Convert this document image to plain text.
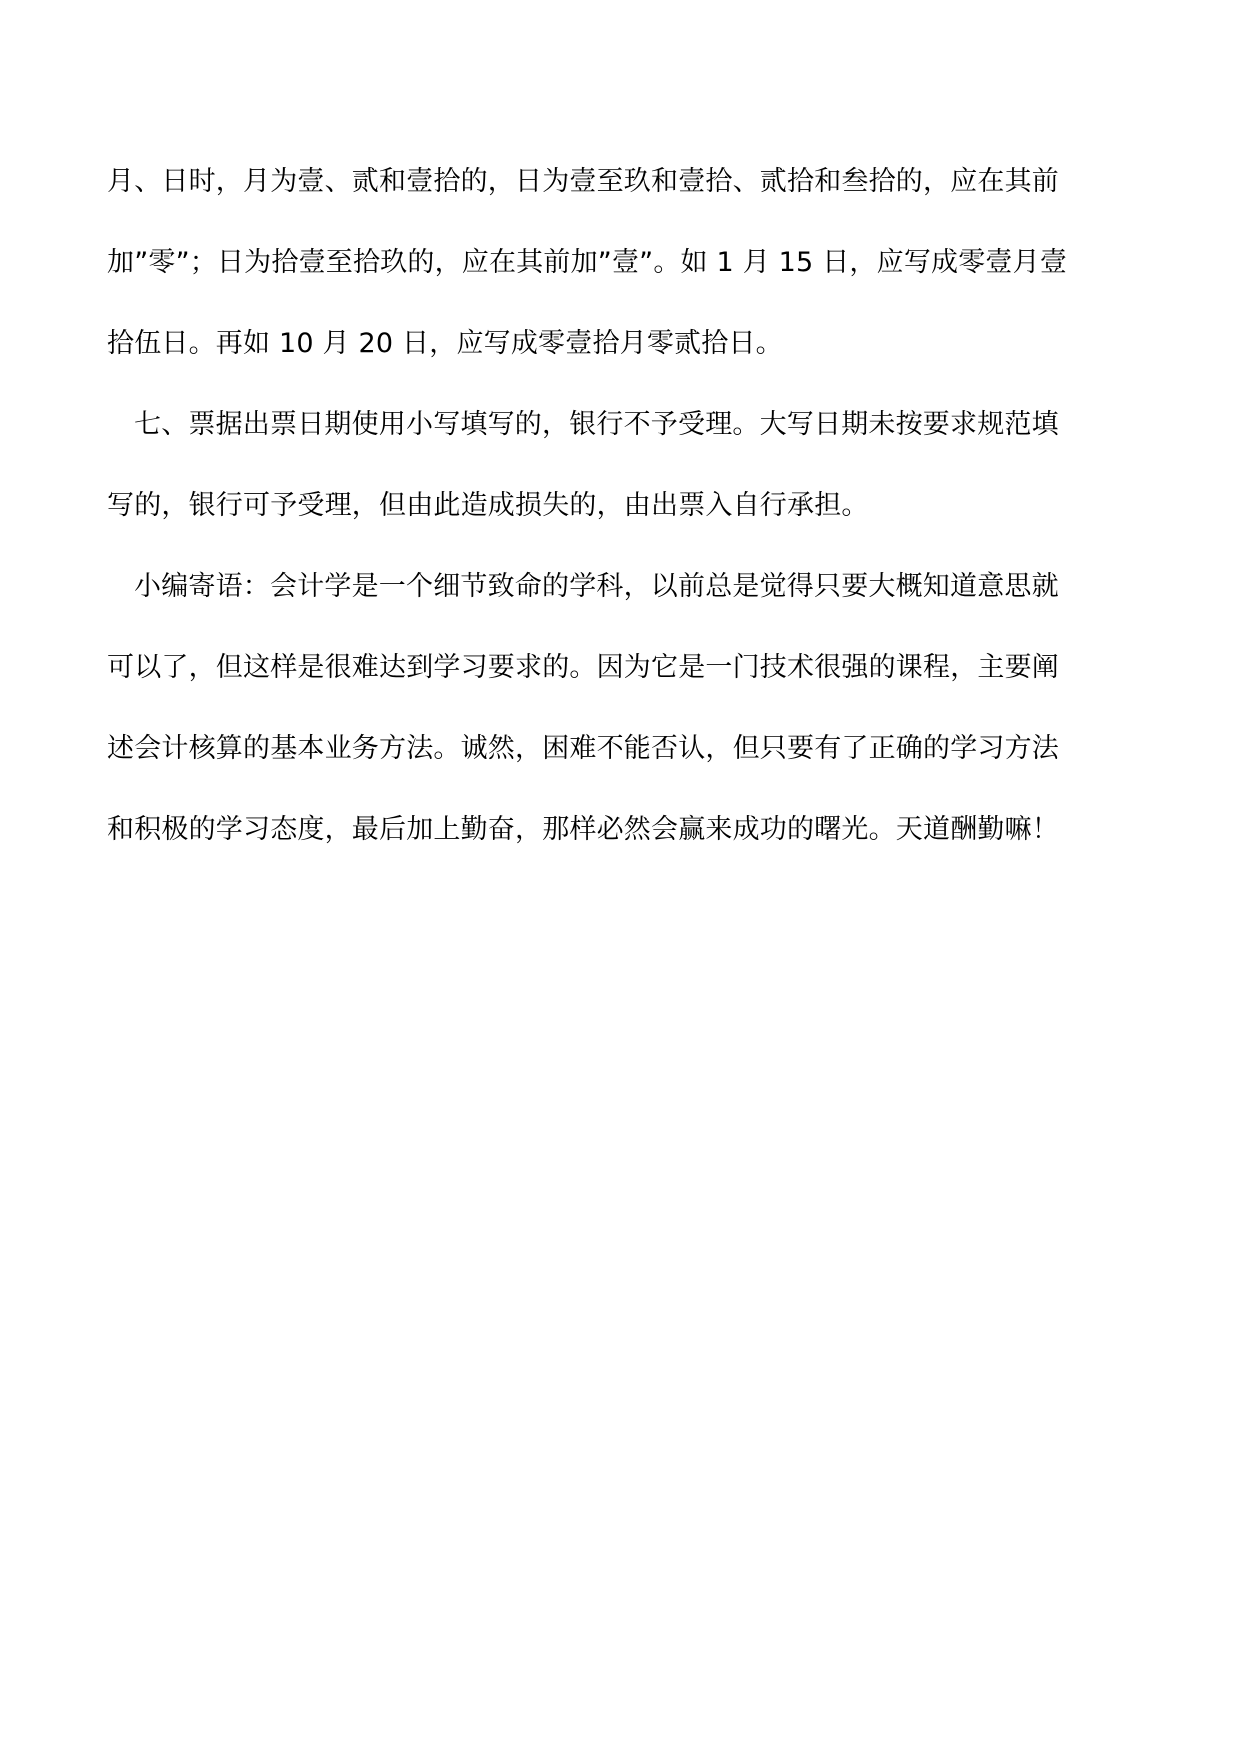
月、日时，月为壹、贰和壹拾的，日为壹至玖和壹拾、贰拾和叁拾的，应在其前
加”零”；日为拾壹至拾玖的，应在其前加”壹”。如 1 月 15 日，应写成零壹月壹
拾伍日。再如 10 月 20 日，应写成零壹拾月零贰拾日。
七、票据出票日期使用小写填写的，银行不予受理。大写日期未按要求规范填
写的，银行可予受理，但由此造成损失的，由出票入自行承担。
小编寄语：会计学是一个细节致命的学科，以前总是觉得只要大概知道意思就
可以了，但这样是很难达到学习要求的。因为它是一门技术很强的课程，主要阐
述会计核算的基本业务方法。诚然，困难不能否认，但只要有了正确的学习方法
和积极的学习态度，最后加上勤奋，那样必然会赢来成功的曙光。天道酬勤嘛！
